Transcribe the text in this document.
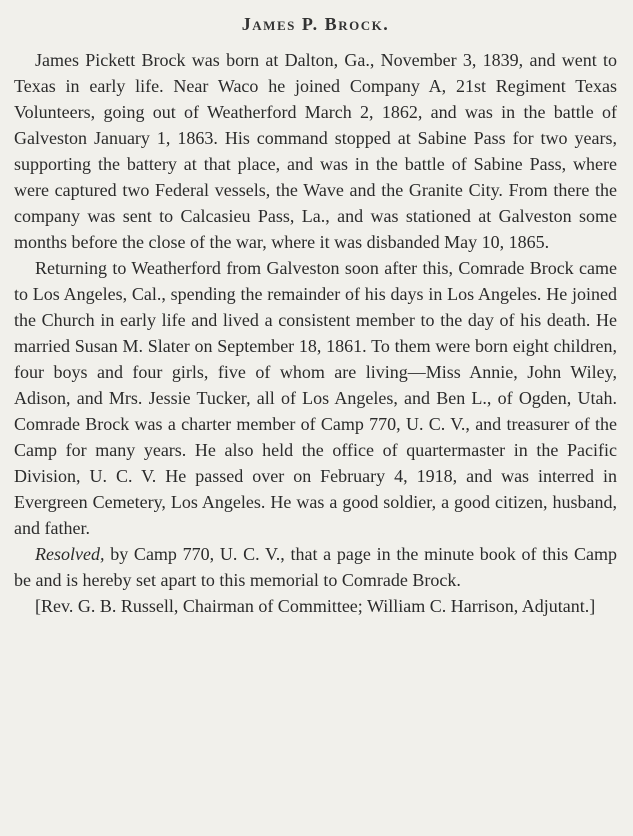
James P. Brock.

James Pickett Brock was born at Dalton, Ga., November 3, 1839, and went to Texas in early life. Near Waco he joined Company A, 21st Regiment Texas Volunteers, going out of Weatherford March 2, 1862, and was in the battle of Galveston January 1, 1863. His command stopped at Sabine Pass for two years, supporting the battery at that place, and was in the battle of Sabine Pass, where were captured two Federal vessels, the Wave and the Granite City. From there the company was sent to Calcasieu Pass, La., and was stationed at Galveston some months before the close of the war, where it was disbanded May 10, 1865.

Returning to Weatherford from Galveston soon after this, Comrade Brock came to Los Angeles, Cal., spending the remainder of his days in Los Angeles. He joined the Church in early life and lived a consistent member to the day of his death. He married Susan M. Slater on September 18, 1861. To them were born eight children, four boys and four girls, five of whom are living—Miss Annie, John Wiley, Adison, and Mrs. Jessie Tucker, all of Los Angeles, and Ben L., of Ogden, Utah. Comrade Brock was a charter member of Camp 770, U. C. V., and treasurer of the Camp for many years. He also held the office of quartermaster in the Pacific Division, U. C. V. He passed over on February 4, 1918, and was interred in Evergreen Cemetery, Los Angeles. He was a good soldier, a good citizen, husband, and father.

Resolved, by Camp 770, U. C. V., that a page in the minute book of this Camp be and is hereby set apart to this memorial to Comrade Brock.

[Rev. G. B. Russell, Chairman of Committee; William C. Harrison, Adjutant.]
